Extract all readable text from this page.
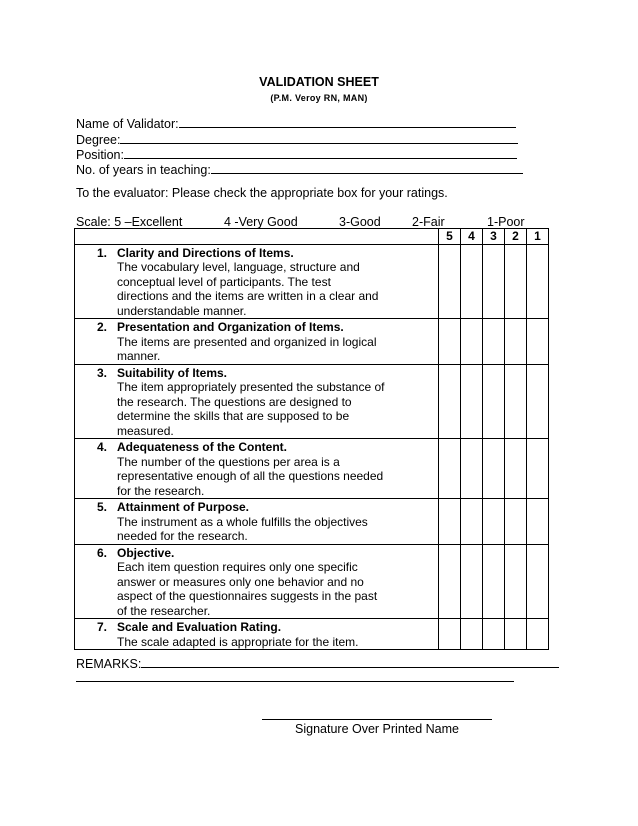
VALIDATION SHEET
(P.M. Veroy RN, MAN)
Name of Validator:
Degree:
Position:
No. of years in teaching:
To the evaluator: Please check the appropriate box for your ratings.
Scale: 5 –Excellent	4 -Very Good	3-Good	2-Fair	1-Poor
	5	4	3	2	1

1. Clarity and Directions of Items.
The vocabulary level, language, structure and
conceptual level of participants. The test
directions and the items are written in a clear and
understandable manner.					

2. Presentation and Organization of Items.
The items are presented and organized in logical
manner.					

3. Suitability of Items.
The item appropriately presented the substance of
the research. The questions are designed to
determine the skills that are supposed to be
measured.					

4. Adequateness of the Content.
The number of the questions per area is a
representative enough of all the questions needed
for the research.					

5. Attainment of Purpose.
The instrument as a whole fulfills the objectives
needed for the research.					

6. Objective.
Each item question requires only one specific
answer or measures only one behavior and no
aspect of the questionnaires suggests in the past
of the researcher.					

7. Scale and Evaluation Rating.
The scale adapted is appropriate for the item.					

REMARKS:
Signature Over Printed Name
